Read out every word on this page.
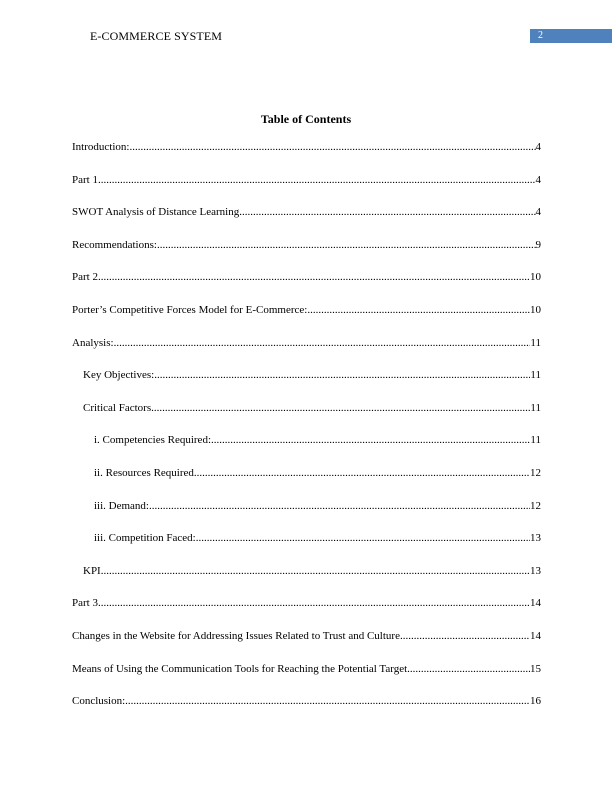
E-COMMERCE SYSTEM	2
Table of Contents
Introduction: .....	4
Part 1 .....	4
SWOT Analysis of Distance Learning .....	4
Recommendations: .....	9
Part 2 .....	10
Porter’s Competitive Forces Model for E-Commerce: .....	10
Analysis: .....	11
Key Objectives: .....	11
Critical Factors .....	11
i. Competencies Required: .....	11
ii. Resources Required .....	12
iii. Demand: .....	12
iii. Competition Faced: .....	13
KPI .....	13
Part 3 .....	14
Changes in the Website for Addressing Issues Related to Trust and Culture .....	14
Means of Using the Communication Tools for Reaching the Potential Target .....	15
Conclusion: .....	16
